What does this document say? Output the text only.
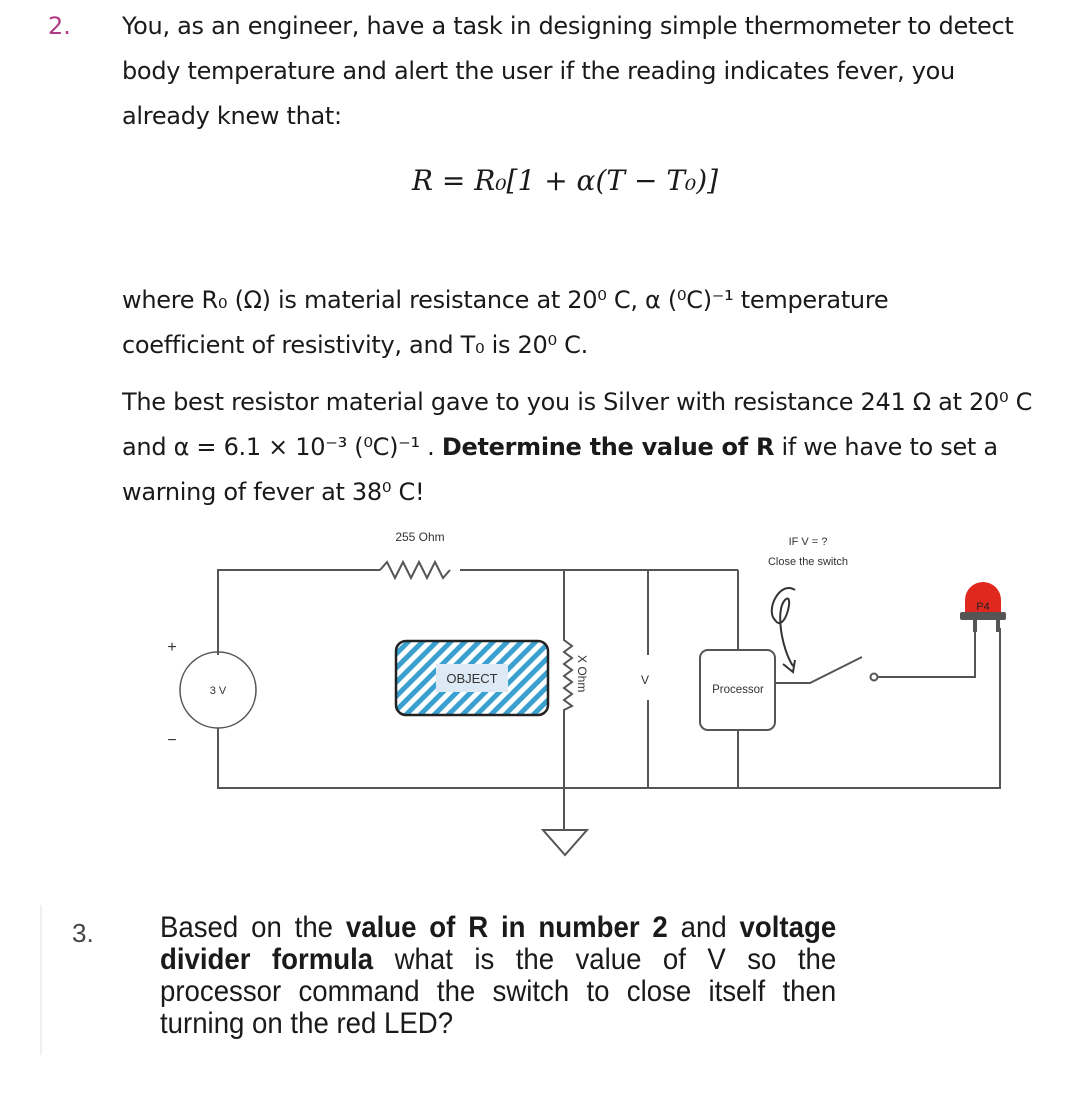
2. You, as an engineer, have a task in designing simple thermometer to detect body temperature and alert the user if the reading indicates fever, you already knew that:
R = R₀[1 + α(T − T₀)]
where R₀ (Ω) is material resistance at 20⁰ C, α (⁰C)⁻¹ temperature coefficient of resistivity, and T₀ is 20⁰ C.
The best resistor material gave to you is Silver with resistance 241 Ω at 20⁰ C and α = 6.1 × 10⁻³ (⁰C)⁻¹ . Determine the value of R if we have to set a warning of fever at 38⁰ C!
P4
255 Ohm
3 V
+
−
OBJECT	X Ohm	V
Processor
IF V = ?
Close the switch
3. Based on the value of R in number 2 and voltage divider formula what is the value of V so the processor command the switch to close itself then turning on the red LED?
